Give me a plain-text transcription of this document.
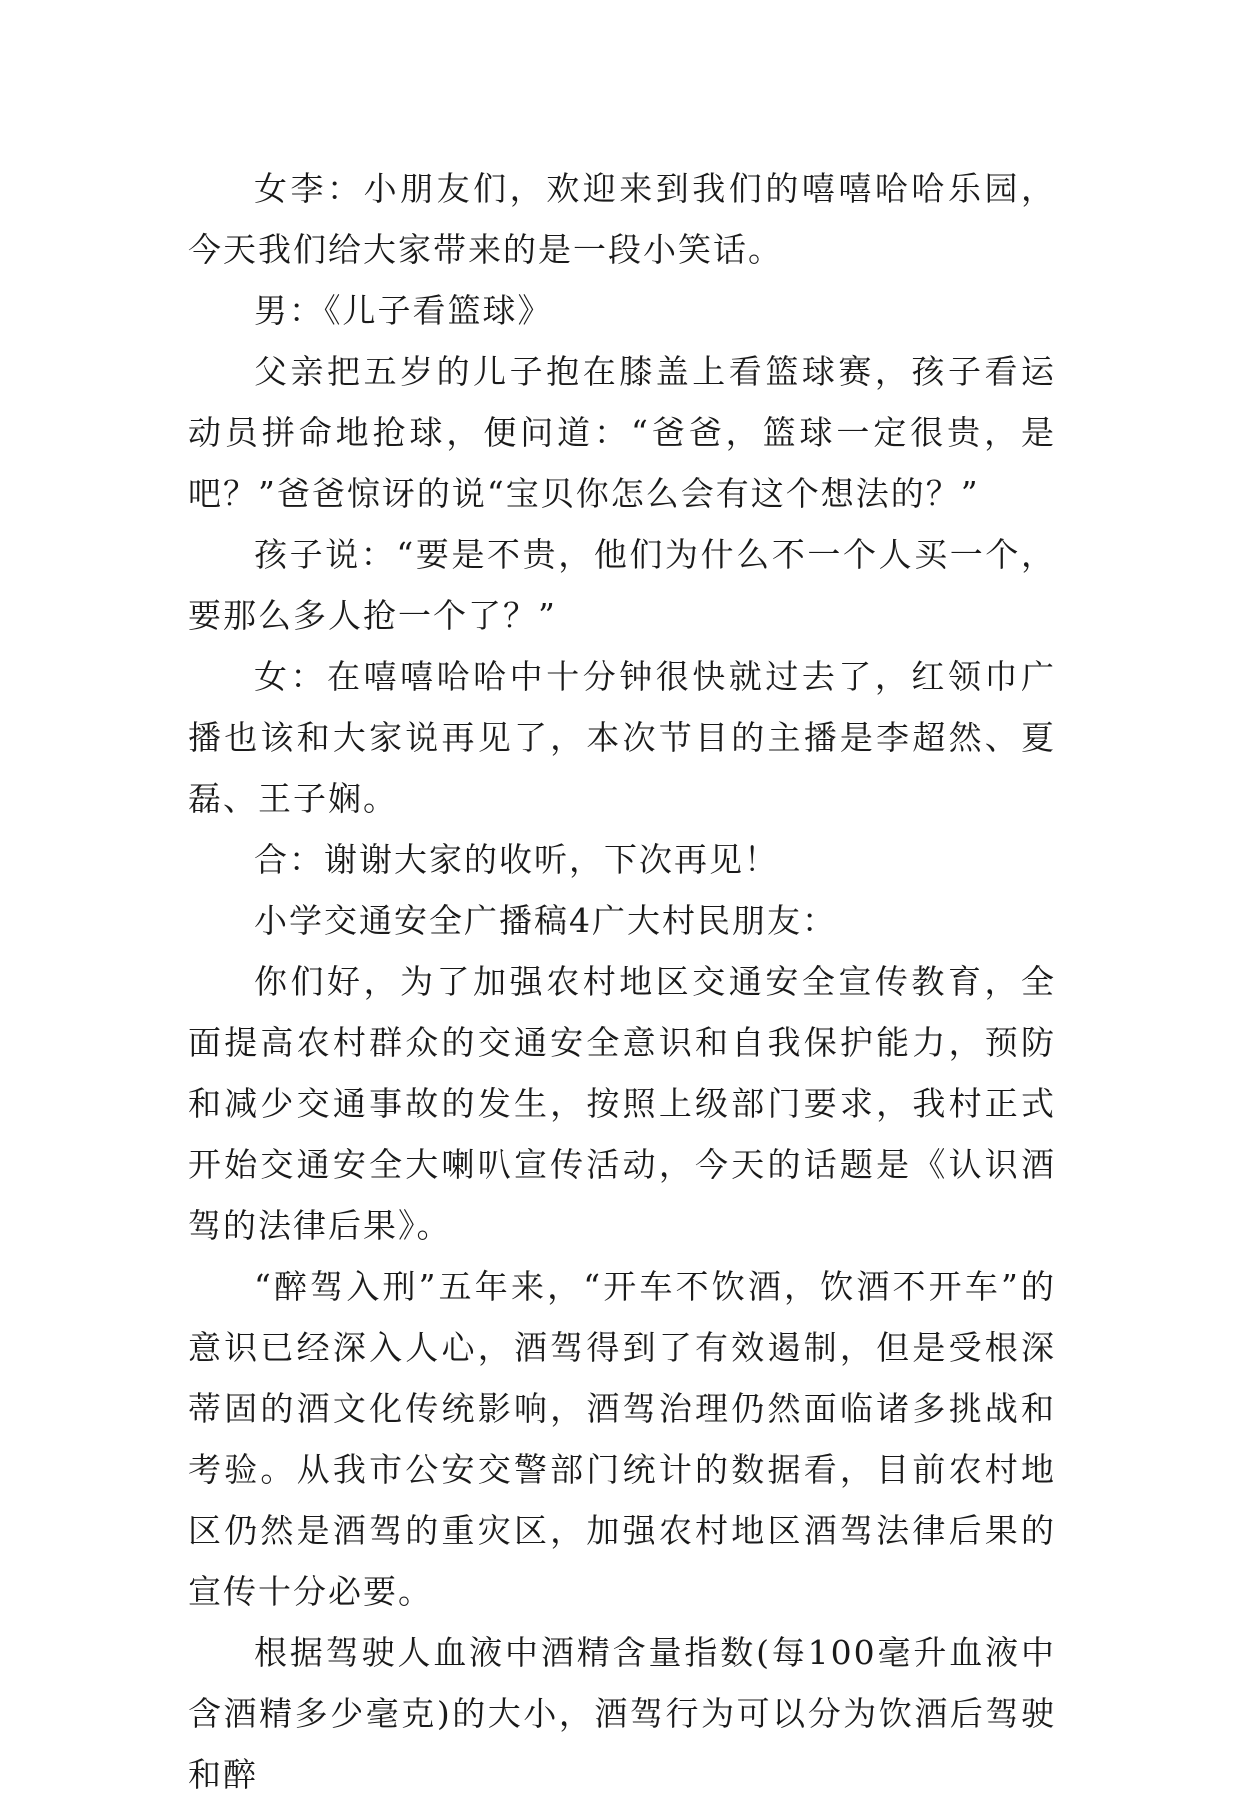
女李：小朋友们，欢迎来到我们的嘻嘻哈哈乐园，今天我们给大家带来的是一段小笑话。

男：《儿子看篮球》

父亲把五岁的儿子抱在膝盖上看篮球赛，孩子看运动员拼命地抢球，便问道：“爸爸，篮球一定很贵，是吧？”爸爸惊讶的说“宝贝你怎么会有这个想法的？”

孩子说：“要是不贵，他们为什么不一个人买一个，要那么多人抢一个了？”

女：在嘻嘻哈哈中十分钟很快就过去了，红领巾广播也该和大家说再见了，本次节目的主播是李超然、夏磊、王子娴。

合：谢谢大家的收听，下次再见！

小学交通安全广播稿4广大村民朋友：

你们好，为了加强农村地区交通安全宣传教育，全面提高农村群众的交通安全意识和自我保护能力，预防和减少交通事故的发生，按照上级部门要求，我村正式开始交通安全大喇叭宣传活动，今天的话题是《认识酒驾的法律后果》。

“醉驾入刑”五年来，“开车不饮酒，饮酒不开车”的意识已经深入人心，酒驾得到了有效遏制，但是受根深蒂固的酒文化传统影响，酒驾治理仍然面临诸多挑战和考验。从我市公安交警部门统计的数据看，目前农村地区仍然是酒驾的重灾区，加强农村地区酒驾法律后果的宣传十分必要。

根据驾驶人血液中酒精含量指数(每100毫升血液中含酒精多少毫克)的大小，酒驾行为可以分为饮酒后驾驶和醉
